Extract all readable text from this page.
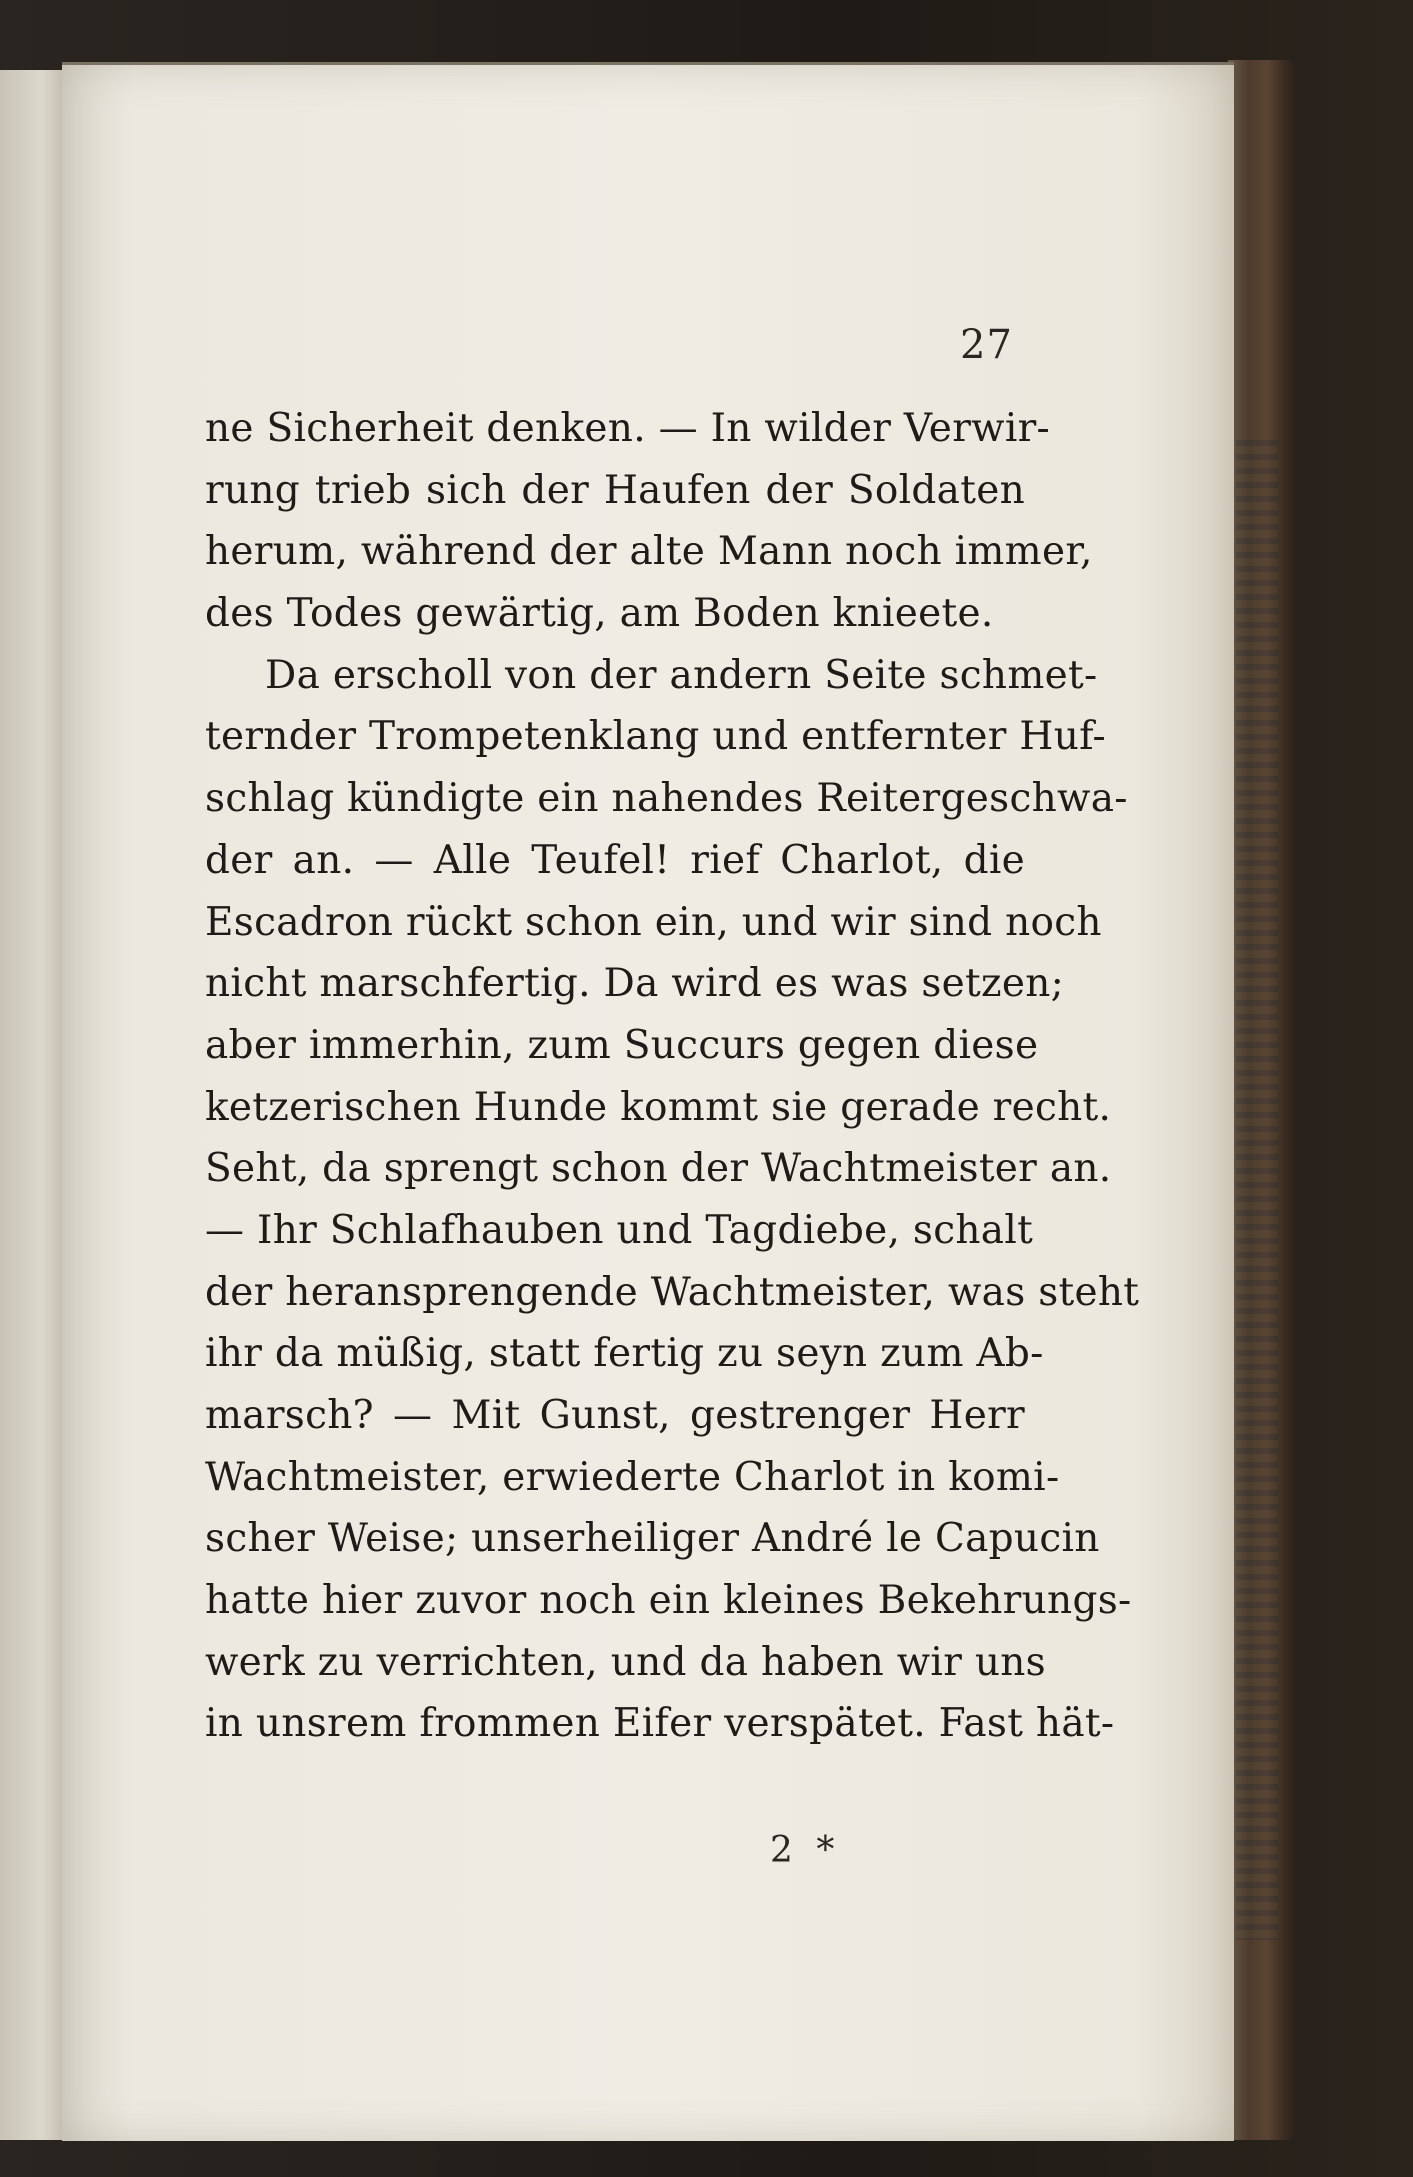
27
ne Sicherheit denken. — In wilder Verwir-
rung trieb sich der Haufen der Soldaten
herum, während der alte Mann noch immer,
des Todes gewärtig, am Boden knieete.
Da erscholl von der andern Seite schmet-
ternder Trompetenklang und entfernter Huf-
schlag kündigte ein nahendes Reitergeschwa-
der an. — Alle Teufel! rief Charlot, die
Escadron rückt schon ein, und wir sind noch
nicht marschfertig. Da wird es was setzen;
aber immerhin, zum Succurs gegen diese
ketzerischen Hunde kommt sie gerade recht.
Seht, da sprengt schon der Wachtmeister an.
— Ihr Schlafhauben und Tagdiebe, schalt
der heransprengende Wachtmeister, was steht
ihr da müßig, statt fertig zu seyn zum Ab-
marsch? — Mit Gunst, gestrenger Herr
Wachtmeister, erwiederte Charlot in komi-
scher Weise; unserheiliger André le Capucin
hatte hier zuvor noch ein kleines Bekehrungs-
werk zu verrichten, und da haben wir uns
in unsrem frommen Eifer verspätet. Fast hät-
2 *
